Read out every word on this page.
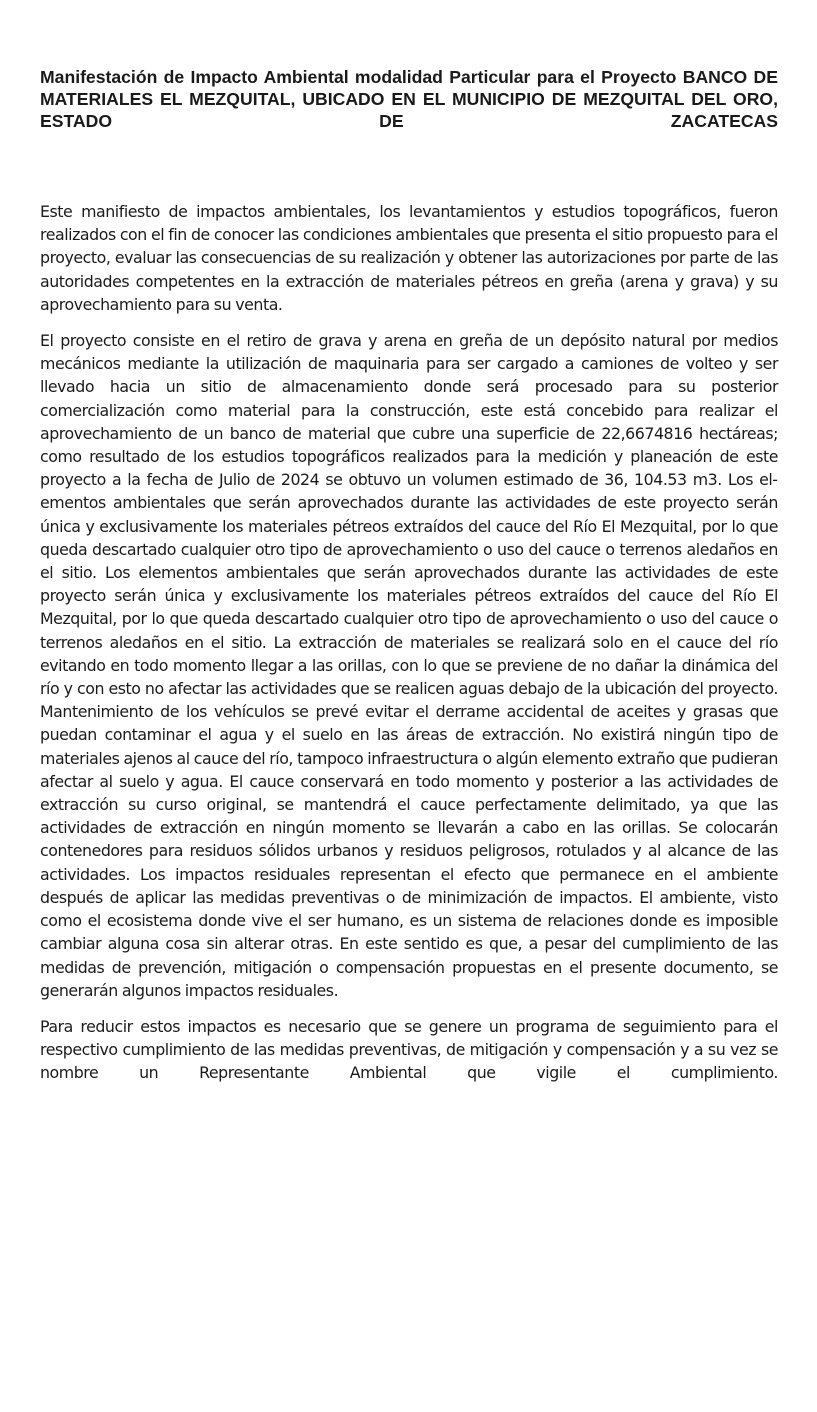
Manifestación de Impacto Ambiental modalidad Particular para el Proyecto BANCO DE MATERIALES EL MEZQUITAL, UBICADO EN EL MUNICIPIO DE MEZQUITAL DEL ORO, ESTADO DE ZACATECAS

Este manifiesto de impactos ambientales, los levantamientos y estudios topográficos, fueron realizados con el fin de conocer las condiciones ambientales que presenta el sitio propuesto para el proyecto, evaluar las consecuencias de su realización y obtener las autorizaciones por parte de las autoridades competentes en la extracción de materiales pétreos en greña (arena y grava) y su aprovechamiento para su venta.

El proyecto consiste en el retiro de grava y arena en greña de un depósito natural por medios mecánicos mediante la utilización de maquinaria para ser cargado a camiones de volteo y ser llevado hacia un sitio de almacenamiento donde será procesado para su posterior comercialización como material para la construcción, este está concebido para realizar el aprovechamiento de un banco de material que cubre una superficie de 22,6674816 hectáreas; como resultado de los estudios topográficos realizados para la medición y planeación de este proyecto a la fecha de Julio de 2024 se obtuvo un volumen estimado de 36, 104.53 m3. Los elementos ambientales que serán aprovechados durante las actividades de este proyecto serán única y exclusivamente los materiales pétreos extraídos del cauce del Río El Mezquital, por lo que queda descartado cualquier otro tipo de aprovechamiento o uso del cauce o terrenos aledaños en el sitio. Los elementos ambientales que serán aprovechados durante las actividades de este proyecto serán única y exclusivamente los materiales pétreos extraídos del cauce del Río El Mezquital, por lo que queda descartado cualquier otro tipo de aprovechamiento o uso del cauce o terrenos aledaños en el sitio. La extracción de materiales se realizará solo en el cauce del río evitando en todo momento llegar a las orillas, con lo que se previene de no dañar la dinámica del río y con esto no afectar las actividades que se realicen aguas debajo de la ubicación del proyecto. Mantenimiento de los vehículos se prevé evitar el derrame accidental de aceites y grasas que puedan contaminar el agua y el suelo en las áreas de extracción. No existirá ningún tipo de materiales ajenos al cauce del río, tampoco infraestructura o algún elemento extraño que pudieran afectar al suelo y agua. El cauce conservará en todo momento y posterior a las actividades de extracción su curso original, se mantendrá el cauce perfectamente delimitado, ya que las actividades de extracción en ningún momento se llevarán a cabo en las orillas. Se colocarán contenedores para residuos sólidos urbanos y residuos peligrosos, rotulados y al alcance de las actividades. Los impactos residuales representan el efecto que permanece en el ambiente después de aplicar las medidas preventivas o de minimización de impactos. El ambiente, visto como el ecosistema donde vive el ser humano, es un sistema de relaciones donde es imposible cambiar alguna cosa sin alterar otras. En este sentido es que, a pesar del cumplimiento de las medidas de prevención, mitigación o compensación propuestas en el presente documento, se generarán algunos impactos residuales.

Para reducir estos impactos es necesario que se genere un programa de seguimiento para el respectivo cumplimiento de las medidas preventivas, de mitigación y compensación y a su vez se nombre un Representante Ambiental que vigile el cumplimiento.
